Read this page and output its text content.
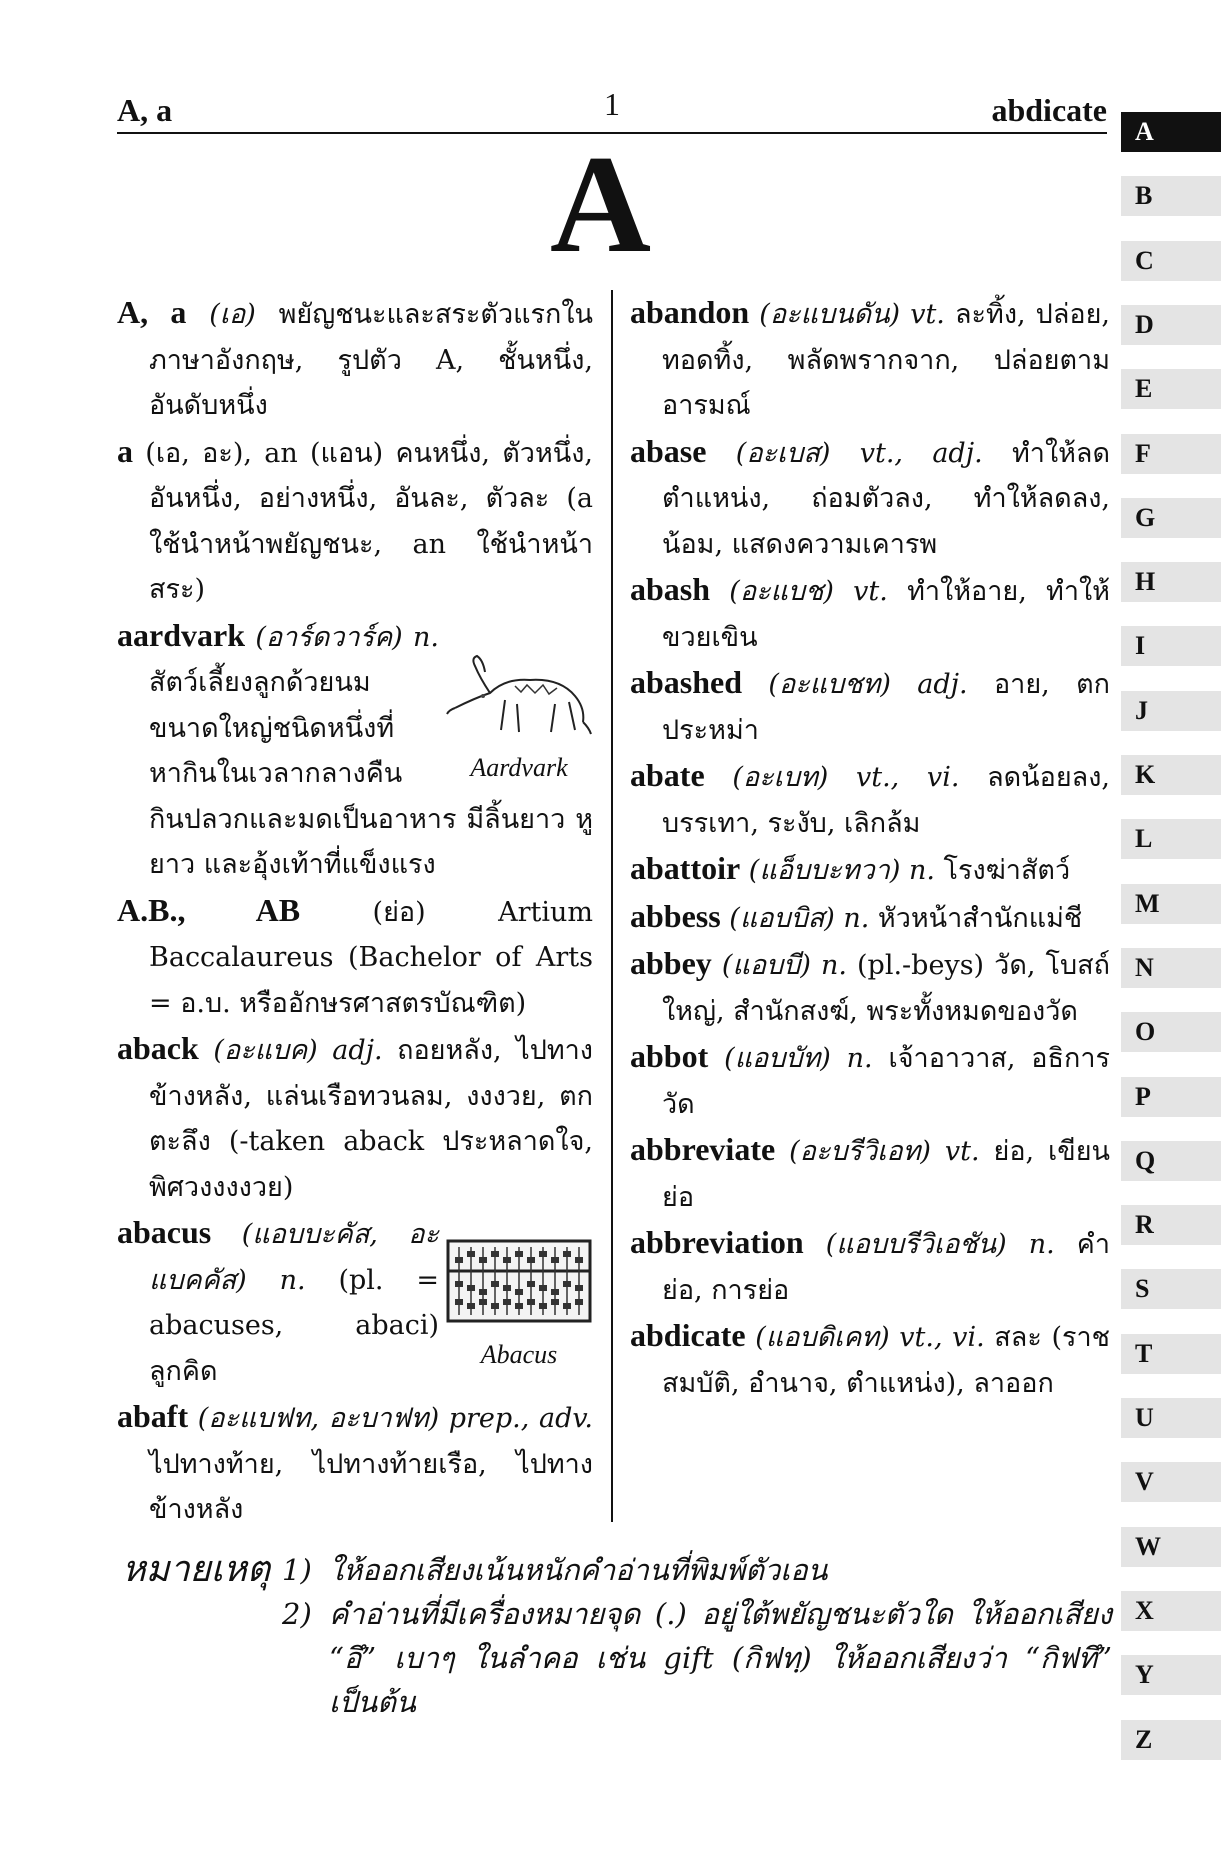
A, a	1	abdicate
A

A, a (เอ) พยัญชนะและสระตัวแรกในภาษาอังกฤษ, รูปตัว A, ชั้นหนึ่ง, อันดับหนึ่ง

a (เอ, อะ), an (แอน) คนหนึ่ง, ตัวหนึ่ง, อันหนึ่ง, อย่างหนึ่ง, อันละ, ตัวละ (a ใช้นำหน้าพยัญชนะ, an ใช้นำหน้าสระ)

Aardvark
aardvark (อาร์ดวาร์ค) n. สัตว์เลี้ยงลูกด้วยนมขนาดใหญ่ชนิดหนึ่งที่หากินในเวลากลางคืน กินปลวกและมดเป็นอาหาร มีลิ้นยาว หูยาว และอุ้งเท้าที่แข็งแรง

A.B., AB (ย่อ) Artium Baccalaureus (Bachelor of Arts = อ.บ. หรืออักษรศาสตรบัณฑิต)

aback (อะแบค) adj. ถอยหลัง, ไปทางข้างหลัง, แล่นเรือทวนลม, งงงวย, ตกตะลึง (-taken aback ประหลาดใจ, พิศวงงงงวย)

Abacus
abacus (แอบบะคัส, อะแบคคัส) n. (pl. = abacuses, abaci) ลูกคิด

abaft (อะแบฟท, อะบาฟท) prep., adv. ไปทางท้าย, ไปทางท้ายเรือ, ไปทางข้างหลัง

abandon (อะแบนดัน) vt. ละทิ้ง, ปล่อย, ทอดทิ้ง, พลัดพรากจาก, ปล่อยตามอารมณ์

abase (อะเบส) vt., adj. ทำให้ลดตำแหน่ง, ถ่อมตัวลง, ทำให้ลดลง, น้อม, แสดงความเคารพ

abash (อะแบช) vt. ทำให้อาย, ทำให้ขวยเขิน

abashed (อะแบชท) adj. อาย, ตกประหม่า

abate (อะเบท) vt., vi. ลดน้อยลง, บรรเทา, ระงับ, เลิกล้ม

abattoir (แอ็บบะทวา) n. โรงฆ่าสัตว์

abbess (แอบบิส) n. หัวหน้าสำนักแม่ชี

abbey (แอบบี) n. (pl.-beys) วัด, โบสถ์ใหญ่, สำนักสงฆ์, พระทั้งหมดของวัด

abbot (แอบบัท) n. เจ้าอาวาส, อธิการวัด

abbreviate (อะบรีวิเอท) vt. ย่อ, เขียนย่อ

abbreviation (แอบบรีวิเอชัน) n. คำย่อ, การย่อ

abdicate (แอบดิเคท) vt., vi. สละ (ราชสมบัติ, อำนาจ, ตำแหน่ง), ลาออก

หมายเหตุ 1) ให้ออกเสียงเน้นหนักคำอ่านที่พิมพ์ตัวเอน

2) คำอ่านที่มีเครื่องหมายจุด (.) อยู่ใต้พยัญชนะตัวใด ให้ออกเสียง “อึ” เบาๆ ในลำคอ เช่น gift (กิฟทฺ) ให้ออกเสียงว่า “กิฟทึ” เป็นต้น

A
B
C
D
E
F
G
H
I
J
K
L
M
N
O
P
Q
R
S
T
U
V
W
X
Y
Z
